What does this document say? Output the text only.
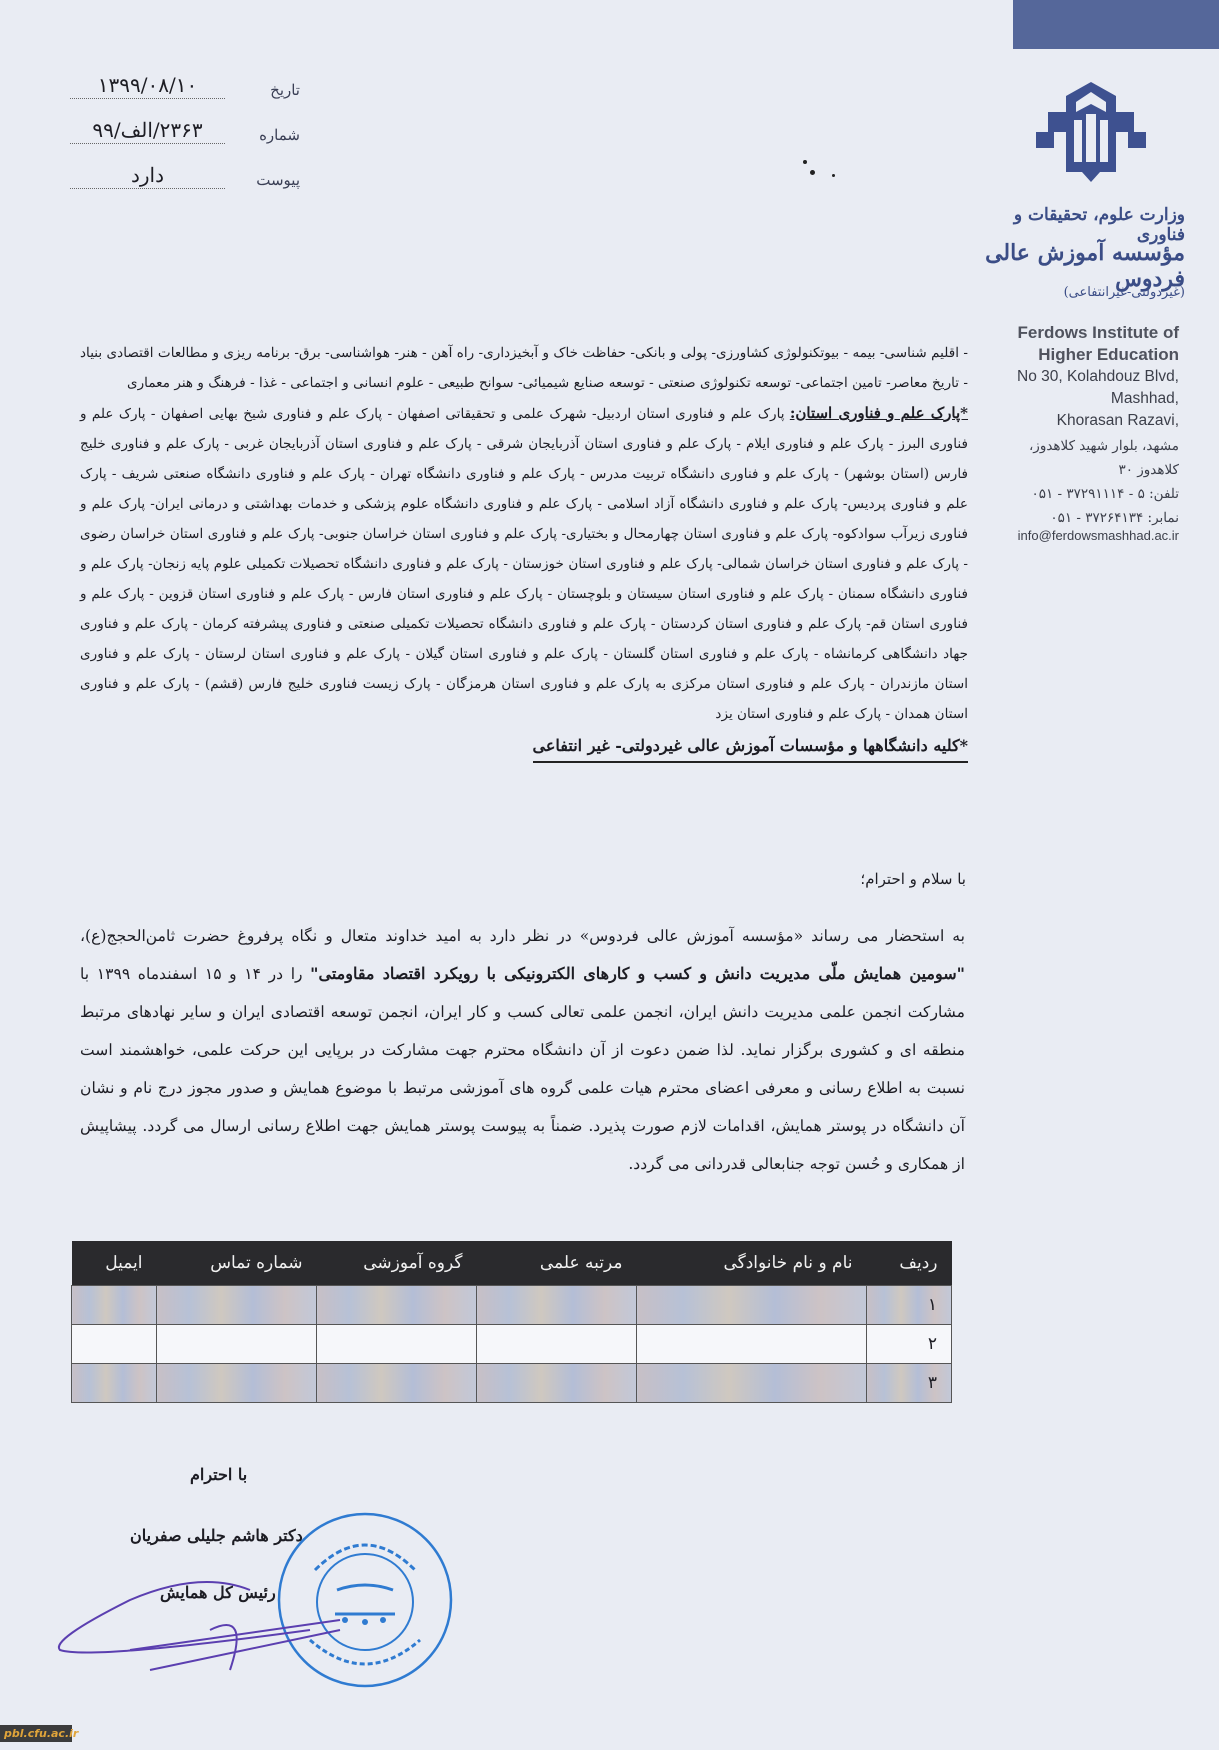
تاریخ
۱۳۹۹/۰۸/۱۰
شماره
۲۳۶۳/الف/۹۹
پیوست
دارد
وزارت علوم، تحقیقات و فناوری
مؤسسه آموزش عالی فردوس
(غیردولتی-غیرانتفاعی)
Ferdows Institute of Higher Education
No 30, Kolahdouz Blvd,
Mashhad,
Khorasan Razavi,
مشهد، بلوار شهید کلاهدوز،
کلاهدوز ۳۰
تلفن: ۵ - ۳۷۲۹۱۱۱۴ - ۰۵۱
نمابر: ۳۷۲۶۴۱۳۴ - ۰۵۱
info@ferdowsmashhad.ac.ir
- اقلیم شناسی- بیمه - بیوتکنولوژی کشاورزی- پولی و بانکی- حفاظت خاک و آبخیزداری- راه آهن - هنر- هواشناسی- برق- برنامه ریزی و مطالعات اقتصادی بنیاد - تاریخ معاصر- تامین اجتماعی- توسعه تکنولوژی صنعتی - توسعه صنایع شیمیائی- سوانح طبیعی - علوم انسانی و اجتماعی - غذا - فرهنگ و هنر معماری
*پارک علم و فناوری استان: پارک علم و فناوری استان اردبیل- شهرک علمی و تحقیقاتی اصفهان - پارک علم و فناوری شیخ بهایی اصفهان - پارک علم و فناوری البرز - پارک علم و فناوری ایلام - پارک علم و فناوری استان آذربایجان شرقی - پارک علم و فناوری استان آذربایجان غربی - پارک علم و فناوری خلیج فارس (استان بوشهر) - پارک علم و فناوری دانشگاه تربیت مدرس - پارک علم و فناوری دانشگاه تهران - پارک علم و فناوری دانشگاه صنعتی شریف - پارک علم و فناوری پردیس- پارک علم و فناوری دانشگاه آزاد اسلامی - پارک علم و فناوری دانشگاه علوم پزشکی و خدمات بهداشتی و درمانی ایران- پارک علم و فناوری زیرآب سوادکوه- پارک علم و فناوری استان چهارمحال و بختیاری- پارک علم و فناوری استان خراسان جنوبی- پارک علم و فناوری استان خراسان رضوی - پارک علم و فناوری استان خراسان شمالی- پارک علم و فناوری استان خوزستان - پارک علم و فناوری دانشگاه تحصیلات تکمیلی علوم پایه زنجان- پارک علم و فناوری دانشگاه سمنان - پارک علم و فناوری استان سیستان و بلوچستان - پارک علم و فناوری استان فارس - پارک علم و فناوری استان قزوین - پارک علم و فناوری استان قم- پارک علم و فناوری استان کردستان - پارک علم و فناوری دانشگاه تحصیلات تکمیلی صنعتی و فناوری پیشرفته کرمان - پارک علم و فناوری جهاد دانشگاهی کرمانشاه - پارک علم و فناوری استان گلستان - پارک علم و فناوری استان گیلان - پارک علم و فناوری استان لرستان - پارک علم و فناوری استان مازندران - پارک علم و فناوری استان مرکزی به پارک علم و فناوری استان هرمزگان - پارک زیست فناوری خلیج فارس (قشم) - پارک علم و فناوری استان همدان - پارک علم و فناوری استان یزد
*کلیه دانشگاهها و مؤسسات آموزش عالی غیردولتی- غیر انتفاعی
با سلام و احترام؛
به استحضار می رساند «مؤسسه آموزش عالی فردوس» در نظر دارد به امید خداوند متعال و نگاه پرفروغ حضرت ثامن‌الحجج(ع)، "سومین همایش ملّی مدیریت دانش و کسب و کارهای الکترونیکی با رویکرد اقتصاد مقاومتی" را در ۱۴ و ۱۵ اسفندماه ۱۳۹۹ با مشارکت انجمن علمی مدیریت دانش ایران، انجمن علمی تعالی کسب و کار ایران، انجمن توسعه اقتصادی ایران و سایر نهادهای مرتبط منطقه ای و کشوری برگزار نماید. لذا ضمن دعوت از آن دانشگاه محترم جهت مشارکت در برپایی این حرکت علمی، خواهشمند است نسبت به اطلاع رسانی و معرفی اعضای محترم هیات علمی گروه های آموزشی مرتبط با موضوع همایش و صدور مجوز درج نام و نشان آن دانشگاه در پوستر همایش، اقدامات لازم صورت پذیرد. ضمناً به پیوست پوستر همایش جهت اطلاع رسانی ارسال می گردد. پیشاپیش از همکاری و حُسن توجه جنابعالی قدردانی می گردد.
ردیف	نام و نام خانوادگی	مرتبه علمی	گروه آموزشی	شماره تماس	ایمیل
۱					
۲					
۳					
با احترام
دکتر هاشم جلیلی صفریان
رئیس کل همایش
pbl.cfu.ac.ir
